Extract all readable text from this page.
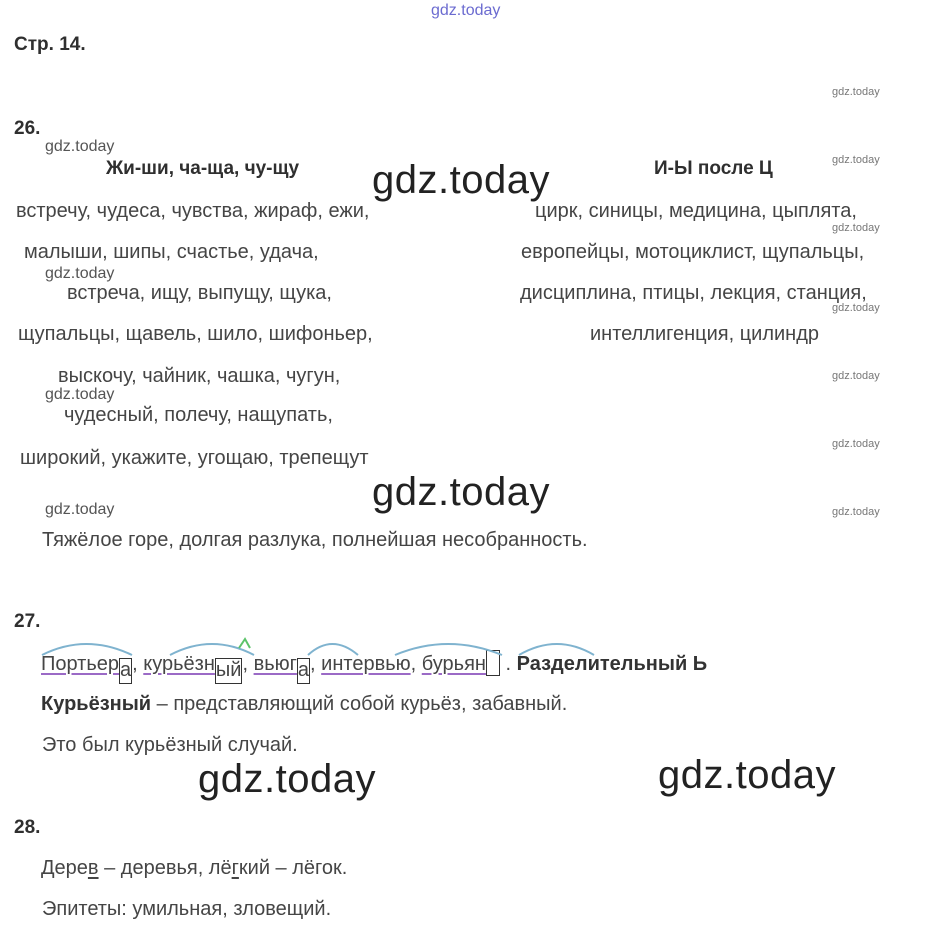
gdz.today
Стр. 14.
gdz.today
gdz.today
gdz.today
gdz.today
gdz.today
gdz.today
gdz.today
26.
gdz.today
Жи-ши, ча-ща, чу-щу	И-Ы после Ц
gdz.today
встречу, чудеса, чувства, жираф, ежи,
малыши, шипы, счастье, удача,
gdz.today
встреча, ищу, выпущу, щука,
щупальцы, щавель, шило, шифоньер,
выскочу, чайник, чашка, чугун,
gdz.today
чудесный, полечу, нащупать,
широкий, укажите, угощаю, трепещут
цирк, синицы, медицина, цыплята,
европейцы, мотоциклист, щупальцы,
дисциплина, птицы, лекция, станция,
интеллигенция, цилиндр
gdz.today
gdz.today
Тяжёлое горе, долгая разлука, полнейшая несобранность.
27.
Портьера, курьёзный, вьюга, интервью, бурьян . Разделительный Ь
Курьёзный – представляющий собой курьёз, забавный.
Это был курьёзный случай.
gdz.today	gdz.today
28.
Дерев – деревья, лёгкий – лёгок.
Эпитеты: умильная, зловещий.
